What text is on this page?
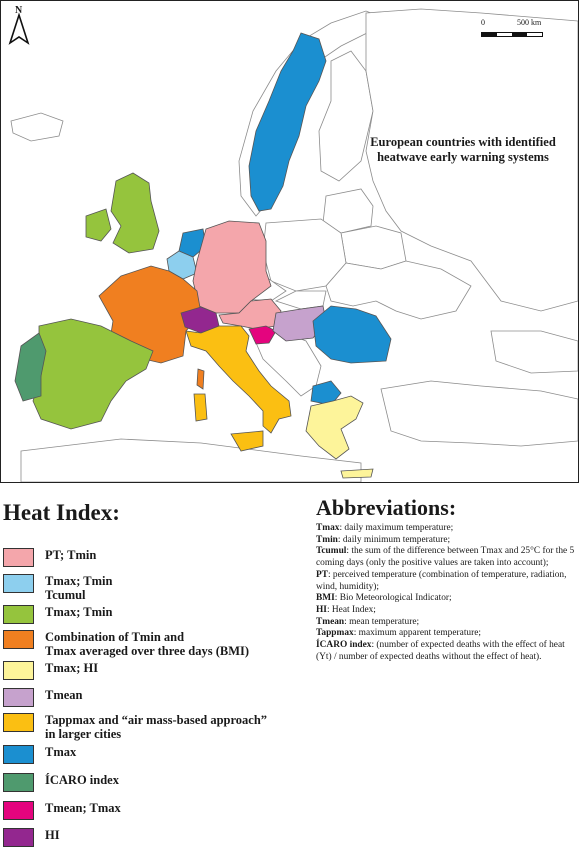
N
0	500 km
European countries with identified
heatwave early warning systems
Heat Index:
PT; Tmin
Tmax; Tmin
Tcumul
Tmax; Tmin
Combination of Tmin and
Tmax averaged over three days (BMI)
Tmax; HI
Tmean
Tappmax and “air mass-based approach”
in larger cities
Tmax
ÍCARO index
Tmean; Tmax
HI
Abbreviations:

Tmax: daily maximum temperature;

Tmin: daily minimum temperature;

Tcumul: the sum of the difference between Tmax and 25°C for the 5 coming days (only the positive values are taken into account);

PT: perceived temperature (combination of temperature, radiation, wind, humidity);

BMI: Bio Meteorological Indicator;

HI: Heat Index;

Tmean: mean temperature;

Tappmax: maximum apparent temperature;

ÍCARO index: (number of expected deaths with the effect of heat (Yt) / number of expected deaths without the effect of heat).
